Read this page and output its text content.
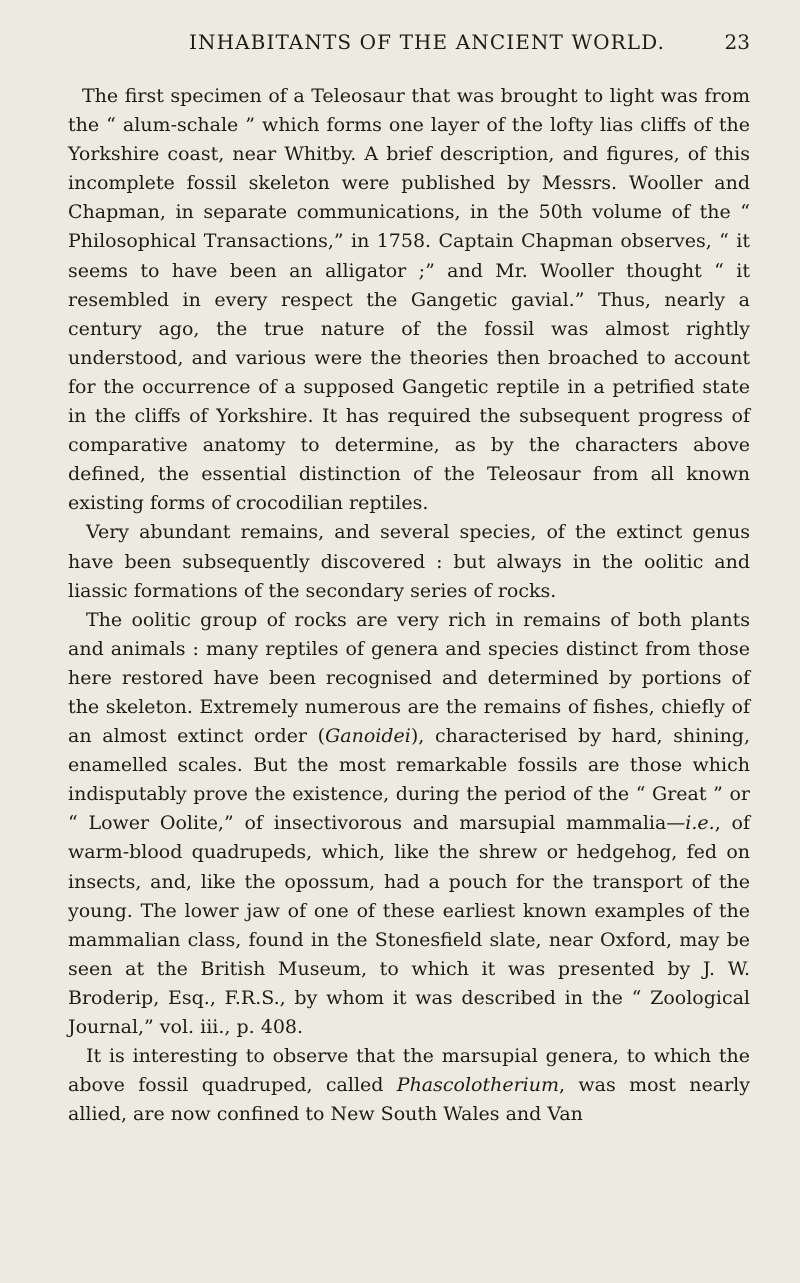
INHABITANTS OF THE ANCIENT WORLD.	23

The first specimen of a Teleosaur that was brought to light was from the “ alum-schale ” which forms one layer of the lofty lias cliffs of the Yorkshire coast, near Whitby. A brief description, and figures, of this incomplete fossil skeleton were published by Messrs. Wooller and Chapman, in separate communications, in the 50th volume of the “ Philosophical Transactions,” in 1758. Captain Chapman observes, “ it seems to have been an alligator ;” and Mr. Wooller thought “ it resembled in every respect the Gangetic gavial.” Thus, nearly a century ago, the true nature of the fossil was almost rightly understood, and various were the theories then broached to account for the occurrence of a supposed Gangetic reptile in a petrified state in the cliffs of Yorkshire. It has required the subsequent progress of comparative anatomy to determine, as by the characters above defined, the essential distinction of the Teleosaur from all known existing forms of crocodilian reptiles.

Very abundant remains, and several species, of the extinct genus have been subsequently discovered : but always in the oolitic and liassic formations of the secondary series of rocks.

The oolitic group of rocks are very rich in remains of both plants and animals : many reptiles of genera and species distinct from those here restored have been recognised and determined by portions of the skeleton. Extremely numerous are the remains of fishes, chiefly of an almost extinct order (Ganoidei), characterised by hard, shining, enamelled scales. But the most remarkable fossils are those which indisputably prove the existence, during the period of the “ Great ” or “ Lower Oolite,” of insectivorous and marsupial mammalia—i.e., of warm-blood quadrupeds, which, like the shrew or hedgehog, fed on insects, and, like the opossum, had a pouch for the transport of the young. The lower jaw of one of these earliest known examples of the mammalian class, found in the Stonesfield slate, near Oxford, may be seen at the British Museum, to which it was presented by J. W. Broderip, Esq., F.R.S., by whom it was described in the “ Zoological Journal,” vol. iii., p. 408.

It is interesting to observe that the marsupial genera, to which the above fossil quadruped, called Phascolotherium, was most nearly allied, are now confined to New South Wales and Van
